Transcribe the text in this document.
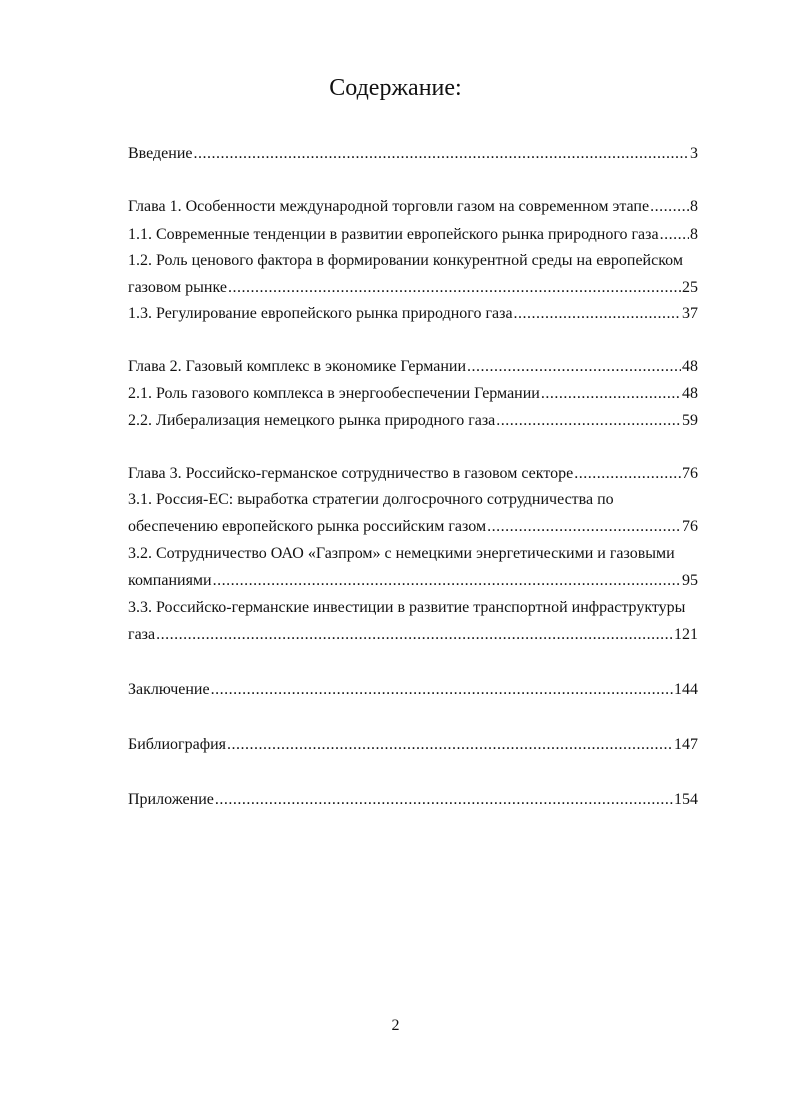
Содержание:
Введение .....	3
Глава 1. Особенности международной торговли газом на современном этапе .....	8
1.1. Современные тенденции в развитии европейского рынка природного газа ..... 8
1.2. Роль ценового фактора в формировании конкурентной среды на европейском
газовом рынке .....	25
1.3. Регулирование европейского рынка природного газа .....	37
Глава 2. Газовый комплекс в экономике Германии .....	48
2.1. Роль газового комплекса в энергообеспечении Германии .....	48
2.2. Либерализация немецкого рынка природного газа .....	59
Глава 3. Российско-германское сотрудничество в газовом секторе .....	76
3.1. Россия-ЕС: выработка стратегии долгосрочного сотрудничества по
обеспечению европейского рынка российским газом .....	76
3.2. Сотрудничество ОАО «Газпром» с немецкими энергетическими и газовыми
компаниями .....	95
3.3. Российско-германские инвестиции в развитие транспортной инфраструктуры
газа .....	121
Заключение .....	144
Библиография .....	147
Приложение .....	154
2
